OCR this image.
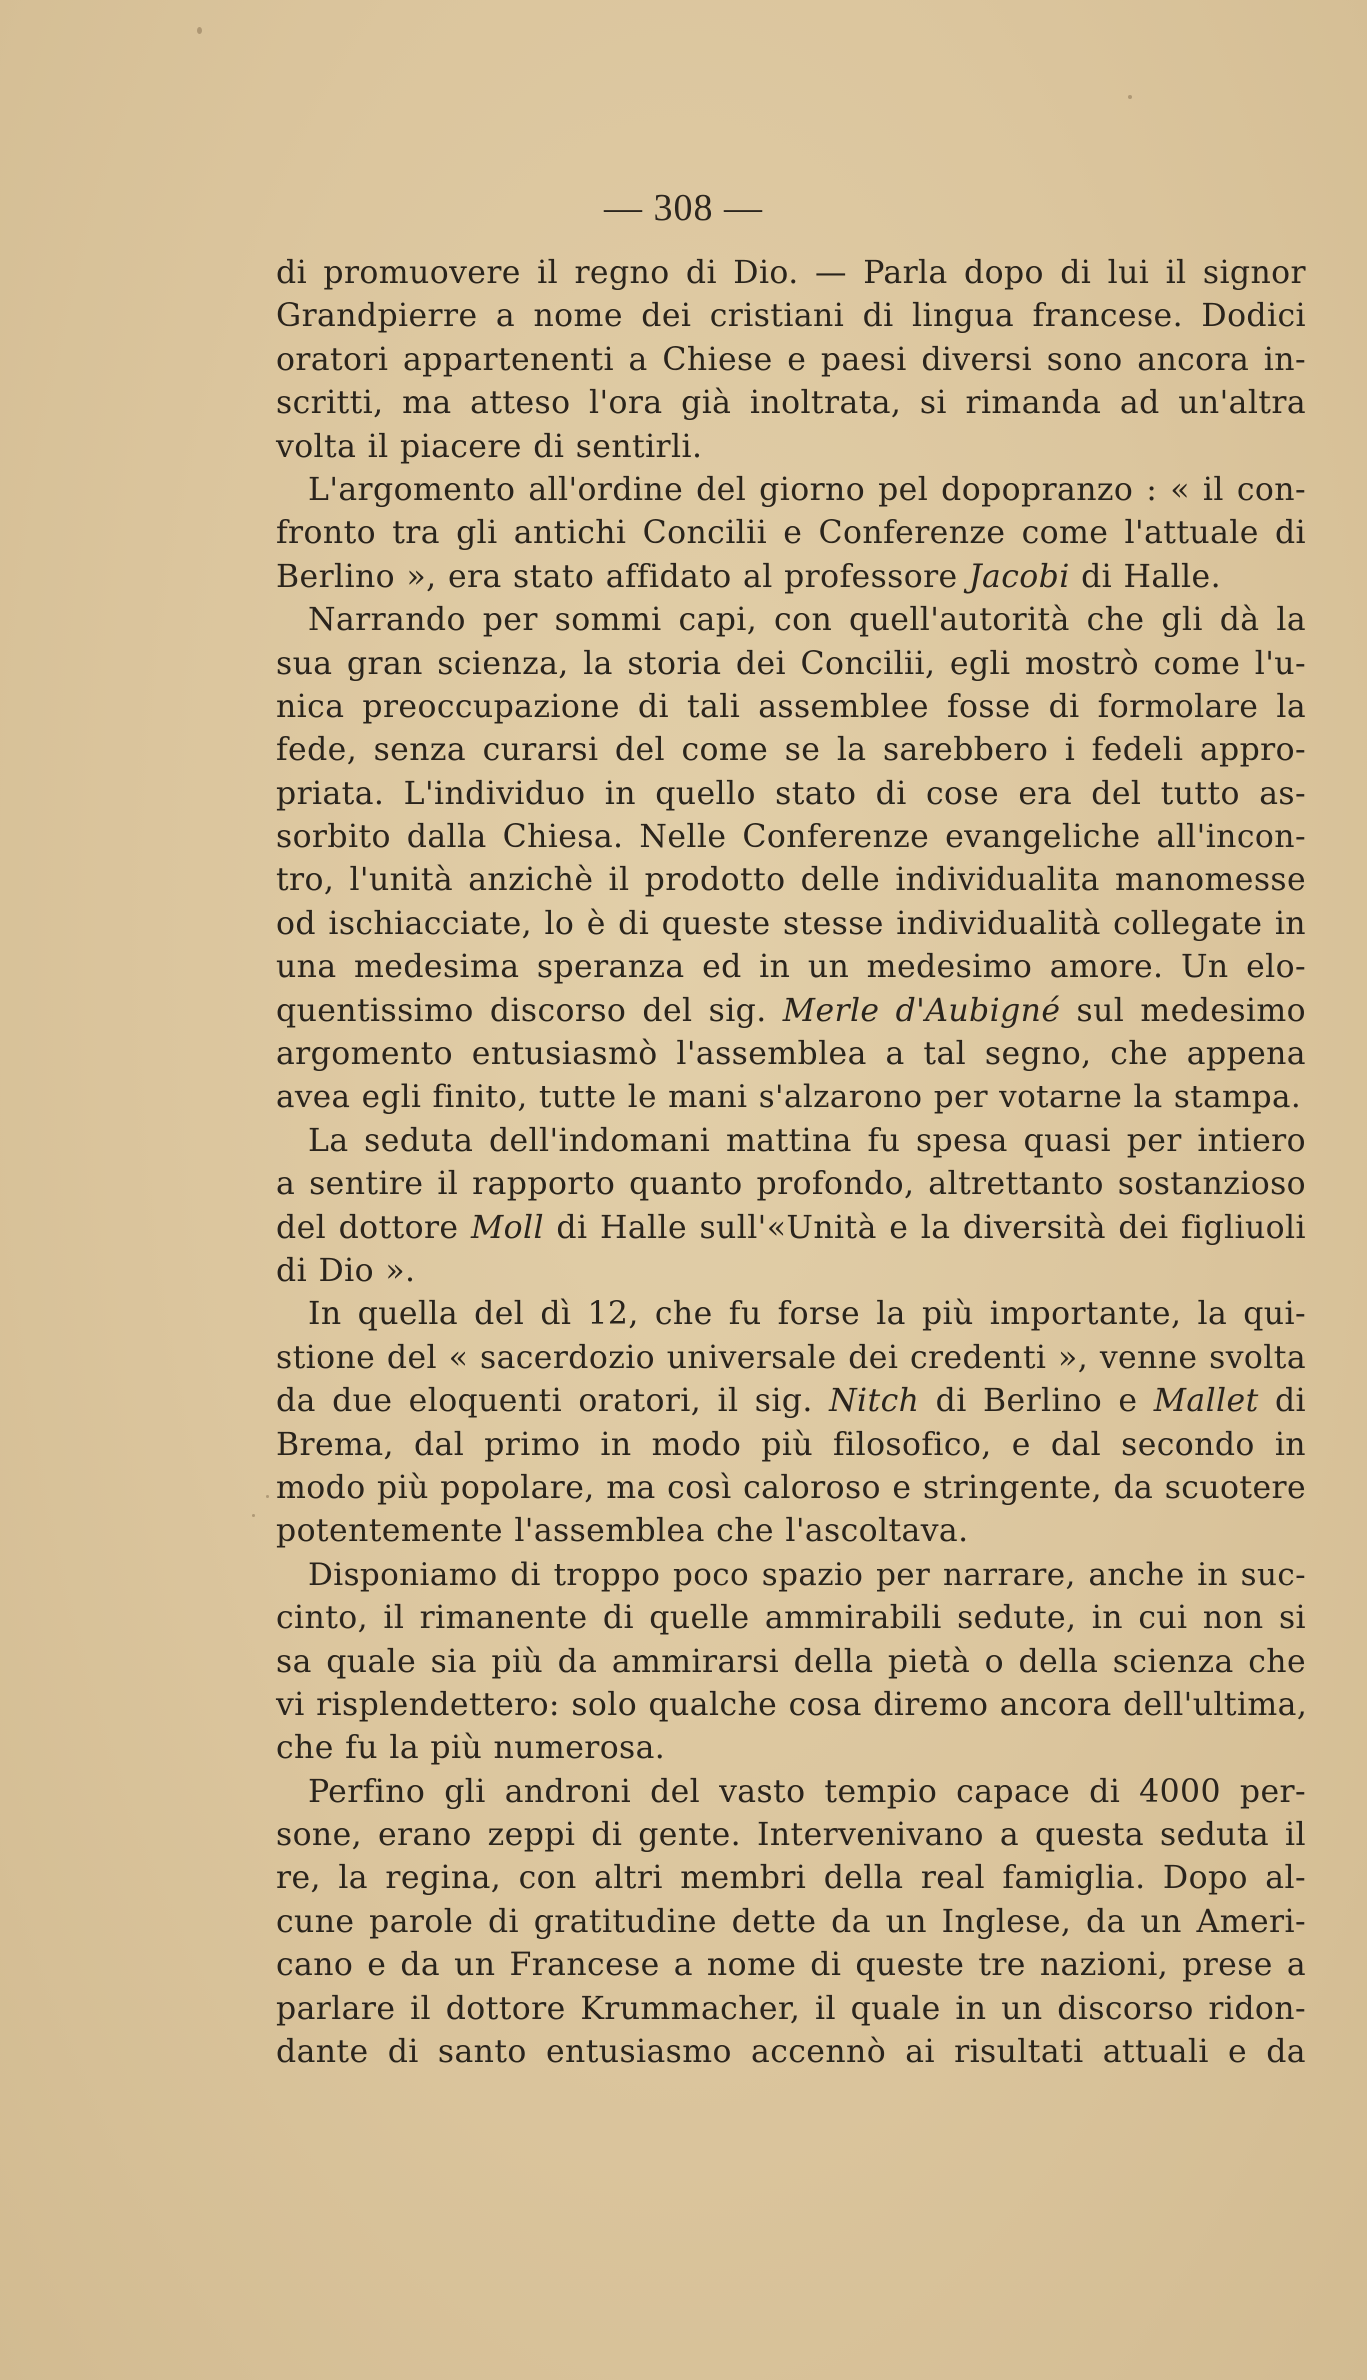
— 308 —

di promuovere il regno di Dio. — Parla dopo di lui il signor
Grandpierre a nome dei cristiani di lingua francese. Dodici
oratori appartenenti a Chiese e paesi diversi sono ancora in-
scritti, ma atteso l'ora già inoltrata, si rimanda ad un'altra
volta il piacere di sentirli.
L'argomento all'ordine del giorno pel dopopranzo : « il con-
fronto tra gli antichi Concilii e Conferenze come l'attuale di
Berlino », era stato affidato al professore Jacobi di Halle.
Narrando per sommi capi, con quell'autorità che gli dà la
sua gran scienza, la storia dei Concilii, egli mostrò come l'u-
nica preoccupazione di tali assemblee fosse di formolare la
fede, senza curarsi del come se la sarebbero i fedeli appro-
priata. L'individuo in quello stato di cose era del tutto as-
sorbito dalla Chiesa. Nelle Conferenze evangeliche all'incon-
tro, l'unità anzichè il prodotto delle individualita manomesse
od ischiacciate, lo è di queste stesse individualità collegate in
una medesima speranza ed in un medesimo amore. Un elo-
quentissimo discorso del sig. Merle d'Aubigné sul medesimo
argomento entusiasmò l'assemblea a tal segno, che appena
avea egli finito, tutte le mani s'alzarono per votarne la stampa.
La seduta dell'indomani mattina fu spesa quasi per intiero
a sentire il rapporto quanto profondo, altrettanto sostanzioso
del dottore Moll di Halle sull'«Unità e la diversità dei figliuoli
di Dio ».
In quella del dì 12, che fu forse la più importante, la qui-
stione del « sacerdozio universale dei credenti », venne svolta
da due eloquenti oratori, il sig. Nitch di Berlino e Mallet di
Brema, dal primo in modo più filosofico, e dal secondo in
modo più popolare, ma così caloroso e stringente, da scuotere
potentemente l'assemblea che l'ascoltava.
Disponiamo di troppo poco spazio per narrare, anche in suc-
cinto, il rimanente di quelle ammirabili sedute, in cui non si
sa quale sia più da ammirarsi della pietà o della scienza che
vi risplendettero: solo qualche cosa diremo ancora dell'ultima,
che fu la più numerosa.
Perfino gli androni del vasto tempio capace di 4000 per-
sone, erano zeppi di gente. Intervenivano a questa seduta il
re, la regina, con altri membri della real famiglia. Dopo al-
cune parole di gratitudine dette da un Inglese, da un Ameri-
cano e da un Francese a nome di queste tre nazioni, prese a
parlare il dottore Krummacher, il quale in un discorso ridon-
dante di santo entusiasmo accennò ai risultati attuali e da
